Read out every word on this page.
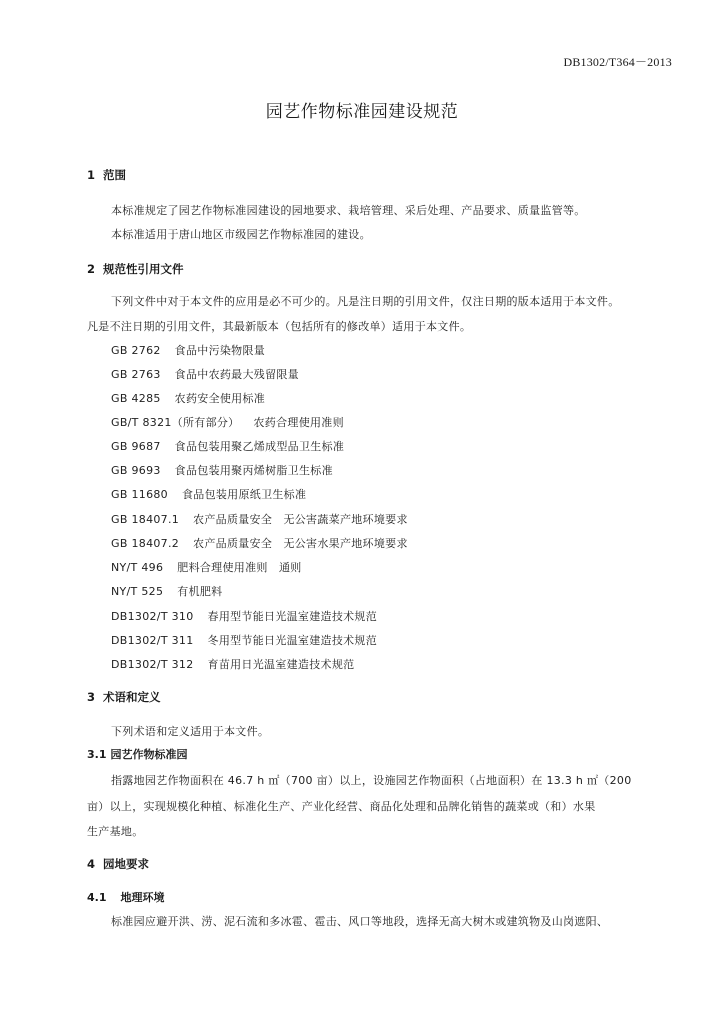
DB1302/T364－2013
园艺作物标准园建设规范
1 范围
本标准规定了园艺作物标准园建设的园地要求、栽培管理、采后处理、产品要求、质量监管等。
本标准适用于唐山地区市级园艺作物标准园的建设。
2 规范性引用文件
下列文件中对于本文件的应用是必不可少的。凡是注日期的引用文件，仅注日期的版本适用于本文件。
凡是不注日期的引用文件，其最新版本（包括所有的修改单）适用于本文件。
GB 2762 食品中污染物限量
GB 2763 食品中农药最大残留限量
GB 4285 农药安全使用标准
GB/T 8321（所有部分） 农药合理使用准则
GB 9687 食品包装用聚乙烯成型品卫生标准
GB 9693 食品包装用聚丙烯树脂卫生标准
GB 11680 食品包装用原纸卫生标准
GB 18407.1 农产品质量安全　无公害蔬菜产地环境要求
GB 18407.2 农产品质量安全　无公害水果产地环境要求
NY/T 496 肥料合理使用准则　通则
NY/T 525 有机肥料
DB1302/T 310 春用型节能日光温室建造技术规范
DB1302/T 311 冬用型节能日光温室建造技术规范
DB1302/T 312 育苗用日光温室建造技术规范
3 术语和定义
下列术语和定义适用于本文件。
3.1 园艺作物标准园
指露地园艺作物面积在 46.7 h ㎡（700 亩）以上，设施园艺作物面积（占地面积）在 13.3 h ㎡（200
亩）以上，实现规模化种植、标准化生产、产业化经营、商品化处理和品牌化销售的蔬菜或（和）水果
生产基地。
4 园地要求
4.1 地理环境
标准园应避开洪、涝、泥石流和多冰雹、雹击、风口等地段，选择无高大树木或建筑物及山岗遮阳、
